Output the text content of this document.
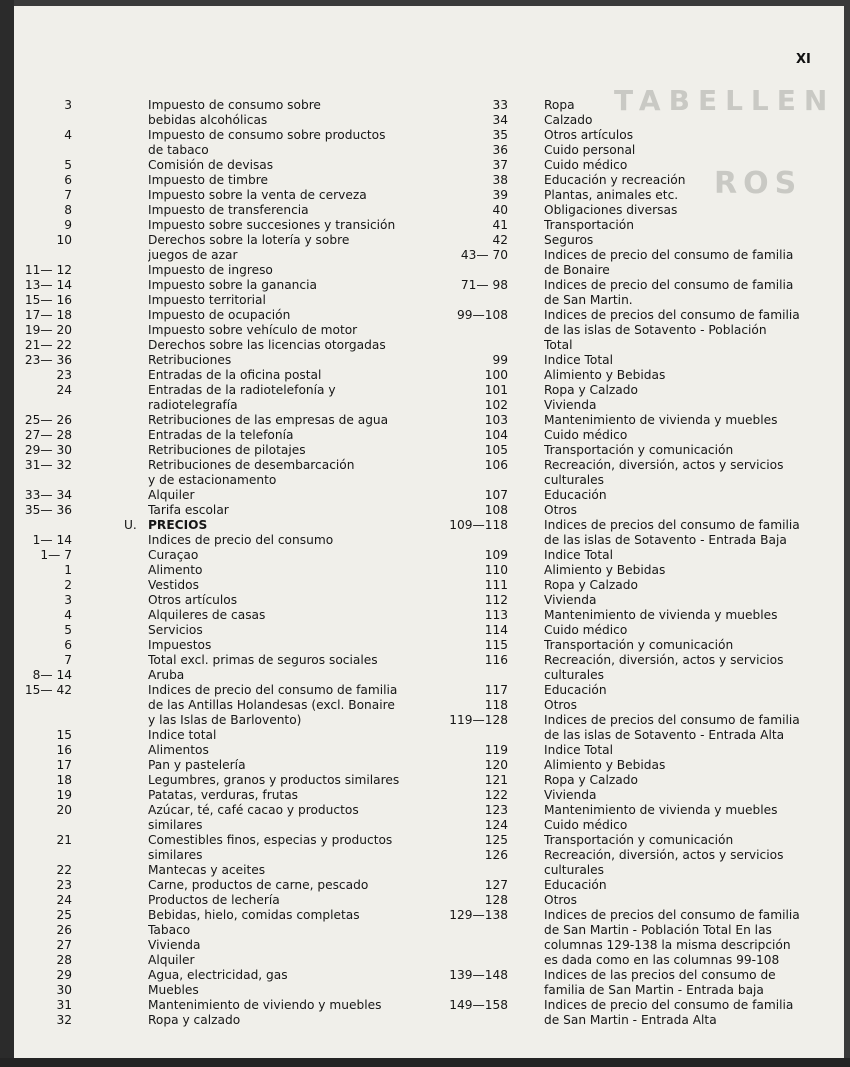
TABELLEN
ROS
XI
3	Impuesto de consumo sobre
bebidas alcohólicas
4	Impuesto de consumo sobre productos
de tabaco
5	Comisión de devisas
6	Impuesto de timbre
7	Impuesto sobre la venta de cerveza
8	Impuesto de transferencia
9	Impuesto sobre succesiones y transición
10	Derechos sobre la lotería y sobre
juegos de azar
11— 12	Impuesto de ingreso
13— 14	Impuesto sobre la ganancia
15— 16	Impuesto territorial
17— 18	Impuesto de ocupación
19— 20	Impuesto sobre vehículo de motor
21— 22	Derechos sobre las licencias otorgadas
23— 36	Retribuciones
23	Entradas de la oficina postal
24	Entradas de la radiotelefonía y
radiotelegrafía
25— 26	Retribuciones de las empresas de agua
27— 28	Entradas de la telefonía
29— 30	Retribuciones de pilotajes
31— 32	Retribuciones de desembarcación
y de estacionamento
33— 34	Alquiler
35— 36	Tarifa escolar
PRECIOS
1— 14	Indices de precio del consumo
1— 7	Curaçao
1	Alimento
2	Vestidos
3	Otros artículos
4	Alquileres de casas
5	Servicios
6	Impuestos
7	Total excl. primas de seguros sociales
8— 14	Aruba
15— 42	Indices de precio del consumo de familia
de las Antillas Holandesas (excl. Bonaire
y las Islas de Barlovento)
15	Indice total
16	Alimentos
17	Pan y pastelería
18	Legumbres, granos y productos similares
19	Patatas, verduras, frutas
20	Azúcar, té, café cacao y productos
similares
21	Comestibles finos, especias y productos
similares
22	Mantecas y aceites
23	Carne, productos de carne, pescado
24	Productos de lechería
25	Bebidas, hielo, comidas completas
26	Tabaco
27	Vivienda
28	Alquiler
29	Agua, electricidad, gas
30	Muebles
31	Mantenimiento de viviendo y muebles
32	Ropa y calzado
U.
33	Ropa
34	Calzado
35	Otros artículos
36	Cuido personal
37	Cuido médico
38	Educación y recreación
39	Plantas, animales etc.
40	Obligaciones diversas
41	Transportación
42	Seguros
43— 70	Indices de precio del consumo de familia
de Bonaire
71— 98	Indices de precio del consumo de familia
de San Martin.
99—108	Indices de precios del consumo de familia
de las islas de Sotavento - Población
Total
99	Indice Total
100	Alimiento y Bebidas
101	Ropa y Calzado
102	Vivienda
103	Mantenimiento de vivienda y muebles
104	Cuido médico
105	Transportación y comunicación
106	Recreación, diversión, actos y servicios
culturales
107	Educación
108	Otros
109—118	Indices de precios del consumo de familia
de las islas de Sotavento - Entrada Baja
109	Indice Total
110	Alimiento y Bebidas
111	Ropa y Calzado
112	Vivienda
113	Mantenimiento de vivienda y muebles
114	Cuido médico
115	Transportación y comunicación
116	Recreación, diversión, actos y servicios
culturales
117	Educación
118	Otros
119—128	Indices de precios del consumo de familia
de las islas de Sotavento - Entrada Alta
119	Indice Total
120	Alimiento y Bebidas
121	Ropa y Calzado
122	Vivienda
123	Mantenimiento de vivienda y muebles
124	Cuido médico
125	Transportación y comunicación
126	Recreación, diversión, actos y servicios
culturales
127	Educación
128	Otros
129—138	Indices de precios del consumo de familia
de San Martin - Población Total En las
columnas 129-138 la misma descripción
es dada como en las columnas 99-108
139—148	Indices de las precios del consumo de
familia de San Martin - Entrada baja
149—158	Indices de precio del consumo de familia
de San Martin - Entrada Alta
